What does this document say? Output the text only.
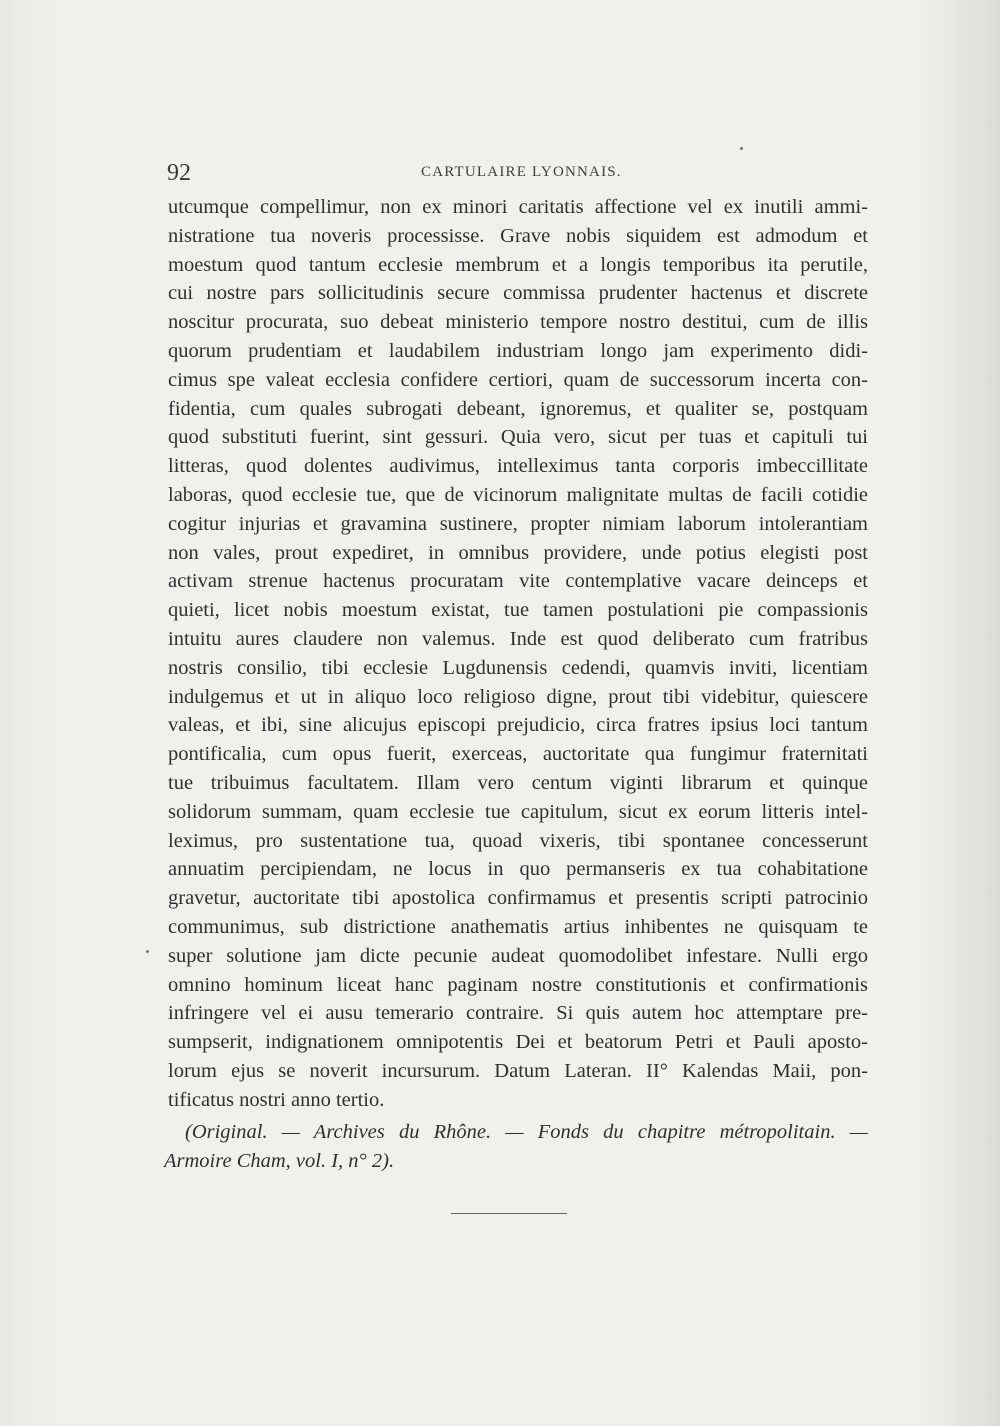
92	CARTULAIRE LYONNAIS.
utcumque compellimur, non ex minori caritatis affectione vel ex inutili ammi-
nistratione tua noveris processisse. Grave nobis siquidem est admodum et
moestum quod tantum ecclesie membrum et a longis temporibus ita perutile,
cui nostre pars sollicitudinis secure commissa prudenter hactenus et discrete
noscitur procurata, suo debeat ministerio tempore nostro destitui, cum de illis
quorum prudentiam et laudabilem industriam longo jam experimento didi-
cimus spe valeat ecclesia confidere certiori, quam de successorum incerta con-
fidentia, cum quales subrogati debeant, ignoremus, et qualiter se, postquam
quod substituti fuerint, sint gessuri. Quia vero, sicut per tuas et capituli tui
litteras, quod dolentes audivimus, intelleximus tanta corporis imbeccillitate
laboras, quod ecclesie tue, que de vicinorum malignitate multas de facili cotidie
cogitur injurias et gravamina sustinere, propter nimiam laborum intolerantiam
non vales, prout expediret, in omnibus providere, unde potius elegisti post
activam strenue hactenus procuratam vite contemplative vacare deinceps et
quieti, licet nobis moestum existat, tue tamen postulationi pie compassionis
intuitu aures claudere non valemus. Inde est quod deliberato cum fratribus
nostris consilio, tibi ecclesie Lugdunensis cedendi, quamvis inviti, licentiam
indulgemus et ut in aliquo loco religioso digne, prout tibi videbitur, quiescere
valeas, et ibi, sine alicujus episcopi prejudicio, circa fratres ipsius loci tantum
pontificalia, cum opus fuerit, exerceas, auctoritate qua fungimur fraternitati
tue tribuimus facultatem. Illam vero centum viginti librarum et quinque
solidorum summam, quam ecclesie tue capitulum, sicut ex eorum litteris intel-
leximus, pro sustentatione tua, quoad vixeris, tibi spontanee concesserunt
annuatim percipiendam, ne locus in quo permanseris ex tua cohabitatione
gravetur, auctoritate tibi apostolica confirmamus et presentis scripti patrocinio
communimus, sub districtione anathematis artius inhibentes ne quisquam te
super solutione jam dicte pecunie audeat quomodolibet infestare. Nulli ergo
omnino hominum liceat hanc paginam nostre constitutionis et confirmationis
infringere vel ei ausu temerario contraire. Si quis autem hoc attemptare pre-
sumpserit, indignationem omnipotentis Dei et beatorum Petri et Pauli aposto-
lorum ejus se noverit incursurum. Datum Lateran. II° Kalendas Maii, pon-
tificatus nostri anno tertio.
(Original. — Archives du Rhône. — Fonds du chapitre métropolitain. —
Armoire Cham, vol. I, n° 2).
